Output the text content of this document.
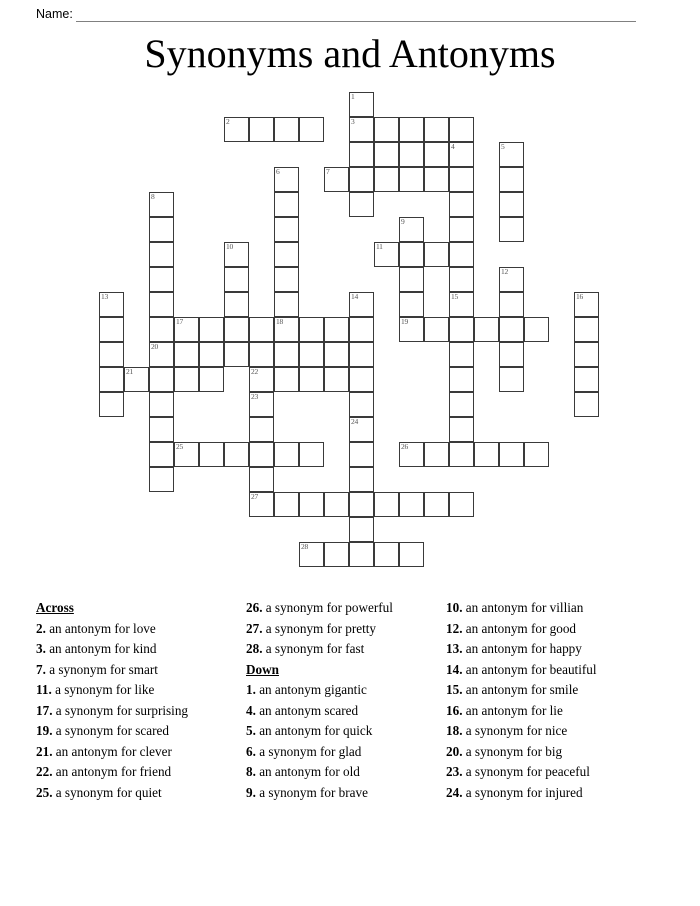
Name:
Synonyms and Antonyms
1
3
2
4
15
5
6	7
8
20
9
19
10	11
12
13	14	16
17	18
21	22
23
27
24
25	26
28
Across
2. an antonym for love
3. an antonym for kind
7. a synonym for smart
11. a synonym for like
17. a synonym for surprising
19. a synonym for scared
21. an antonym for clever
22. an antonym for friend
25. a synonym for quiet
26. a synonym for powerful
27. a synonym for pretty
28. a synonym for fast
Down
1. an antonym gigantic
4. an antonym scared
5. an antonym for quick
6. a synonym for glad
8. an antonym for old
9. a synonym for brave
10. an antonym for villian
12. an antonym for good
13. an antonym for happy
14. an antonym for beautiful
15. an antonym for smile
16. an antonym for lie
18. a synonym for nice
20. a synonym for big
23. a synonym for peaceful
24. a synonym for injured
